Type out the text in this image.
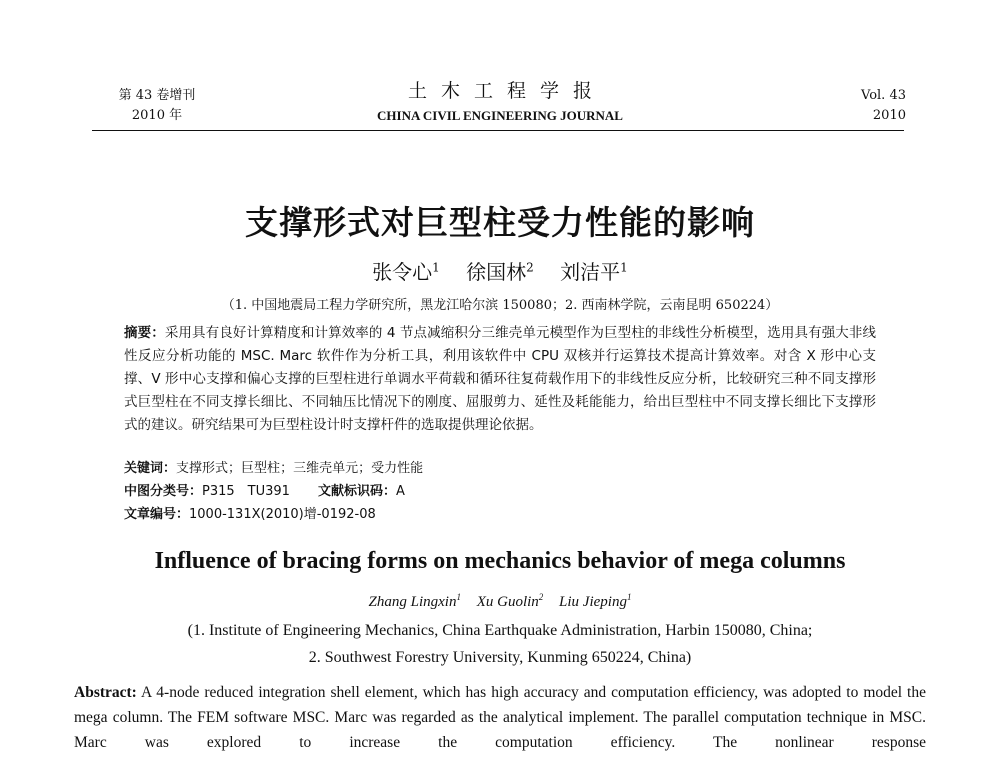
第 43 卷增刊
2010 年
土木工程学报
CHINA CIVIL ENGINEERING JOURNAL
Vol. 43
2010
支撑形式对巨型柱受力性能的影响
张令心$^1$ 徐国林$^2$ 刘洁平$^1$
（1. 中国地震局工程力学研究所，黑龙江哈尔滨 150080；2. 西南林学院，云南昆明 650224）
摘要：采用具有良好计算精度和计算效率的 4 节点减缩积分三维壳单元模型作为巨型柱的非线性分析模型，选用具有强大非线性反应分析功能的 MSC. Marc 软件作为分析工具，利用该软件中 CPU 双核并行运算技术提高计算效率。对含 X 形中心支撑、V 形中心支撑和偏心支撑的巨型柱进行单调水平荷载和循环往复荷载作用下的非线性反应分析，比较研究三种不同支撑形式巨型柱在不同支撑长细比、不同轴压比情况下的刚度、屈服剪力、延性及耗能能力，给出巨型柱中不同支撑长细比下支撑形式的建议。研究结果可为巨型柱设计时支撑杆件的选取提供理论依据。
关键词：支撑形式；巨型柱；三维壳单元；受力性能
中图分类号：P315　TU391 文献标识码：A
文章编号：1000-131X(2010)增-0192-08
Influence of bracing forms on mechanics behavior of mega columns
Zhang Lingxin$^1$ Xu Guolin$^2$ Liu Jieping$^1$
(1. Institute of Engineering Mechanics, China Earthquake Administration, Harbin 150080, China;
2. Southwest Forestry University, Kunming 650224, China)
Abstract: A 4-node reduced integration shell element, which has high accuracy and computation efficiency, was adopted to model the mega column. The FEM software MSC. Marc was regarded as the analytical implement. The parallel computation technique in MSC. Marc was explored to increase the computation efficiency. The nonlinear response
